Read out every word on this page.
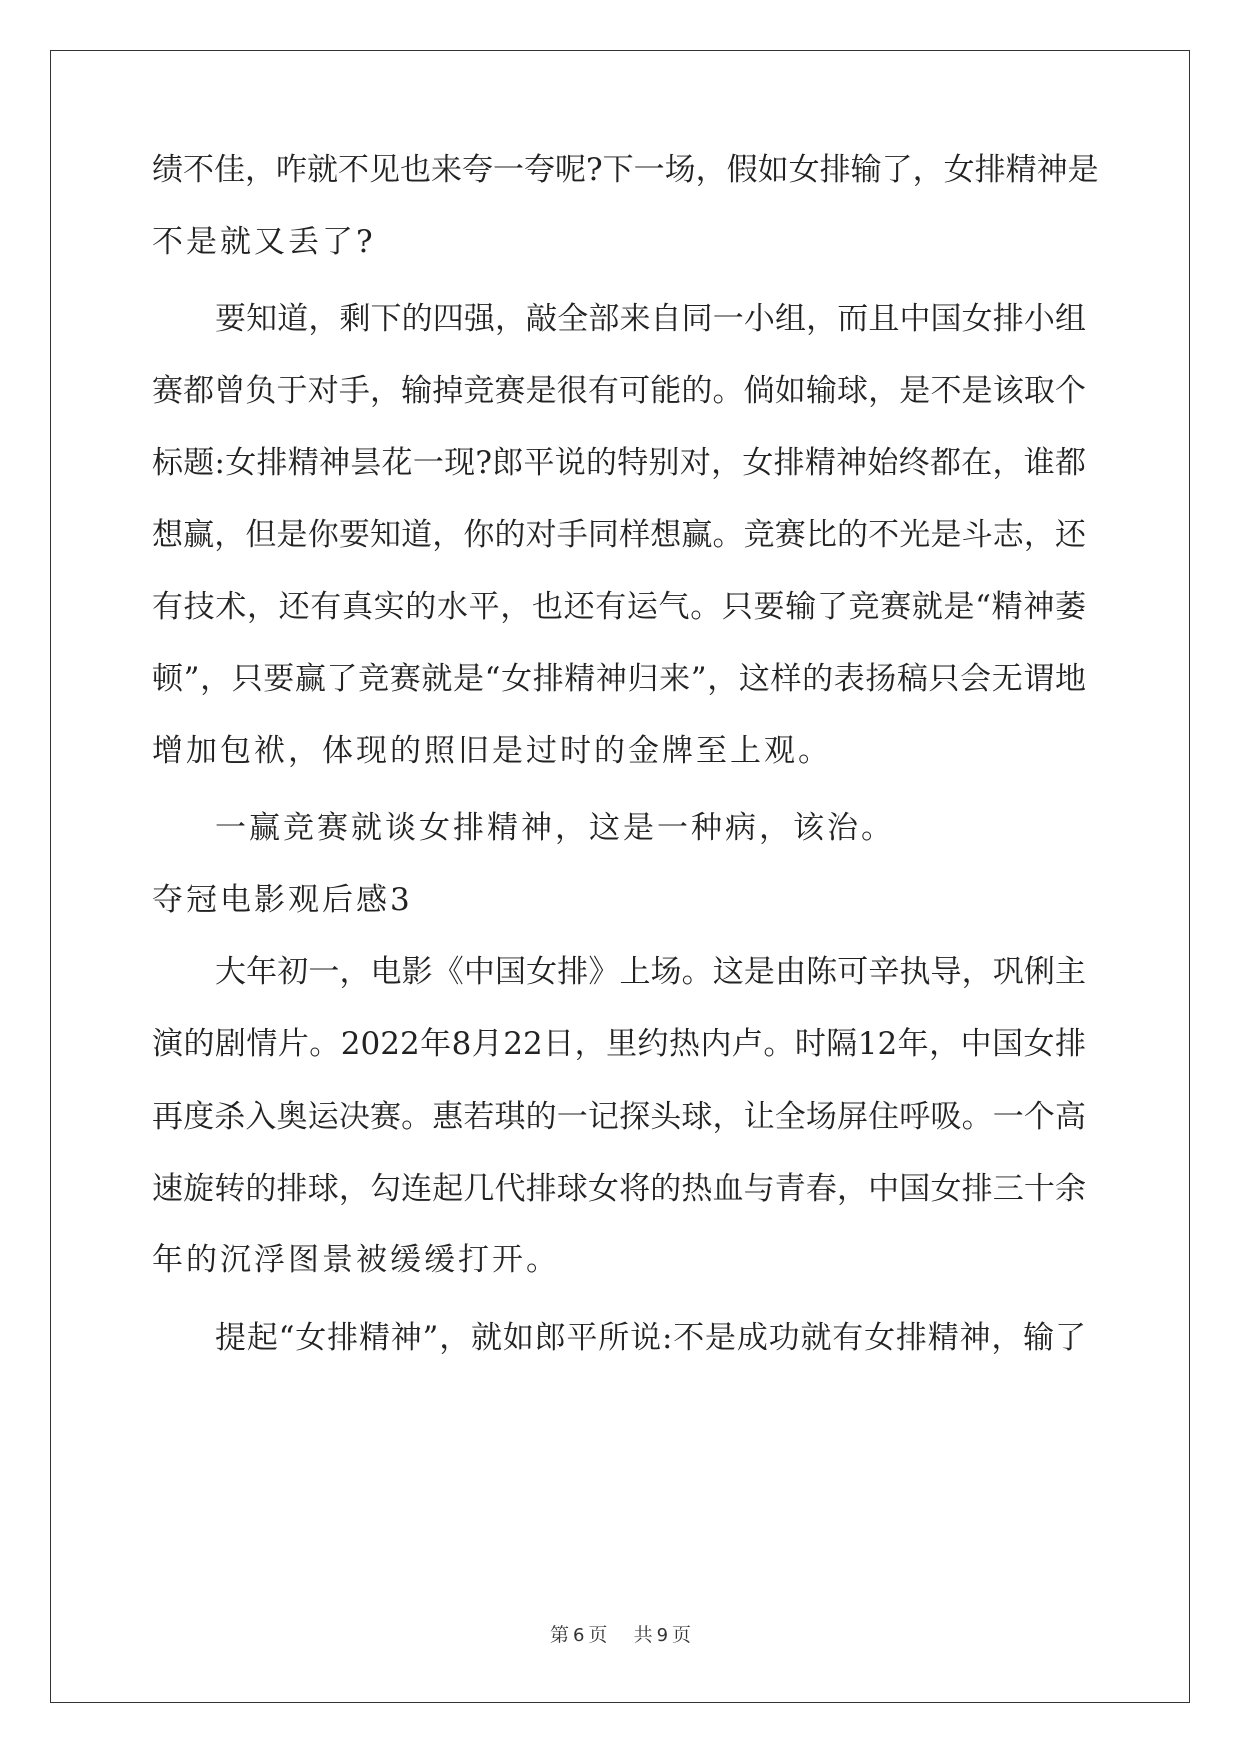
绩不佳，咋就不见也来夸一夸呢?下一场，假如女排输了，女排精神是
不是就又丢了?
要知道，剩下的四强，敲全部来自同一小组，而且中国女排小组
赛都曾负于对手，输掉竞赛是很有可能的。倘如输球，是不是该取个
标题:女排精神昙花一现?郎平说的特别对，女排精神始终都在，谁都
想赢，但是你要知道，你的对手同样想赢。竞赛比的不光是斗志，还
有技术，还有真实的水平，也还有运气。只要输了竞赛就是“精神萎
顿”，只要赢了竞赛就是“女排精神归来”，这样的表扬稿只会无谓地
增加包袱，体现的照旧是过时的金牌至上观。
一赢竞赛就谈女排精神，这是一种病，该治。
夺冠电影观后感3
大年初一，电影《中国女排》上场。这是由陈可辛执导，巩俐主
演的剧情片。2022年8月22日，里约热内卢。时隔12年，中国女排
再度杀入奥运决赛。惠若琪的一记探头球，让全场屏住呼吸。一个高
速旋转的排球，勾连起几代排球女将的热血与青春，中国女排三十余
年的沉浮图景被缓缓打开。
提起“女排精神”，就如郎平所说:不是成功就有女排精神，输了
第 6 页 共 9 页
